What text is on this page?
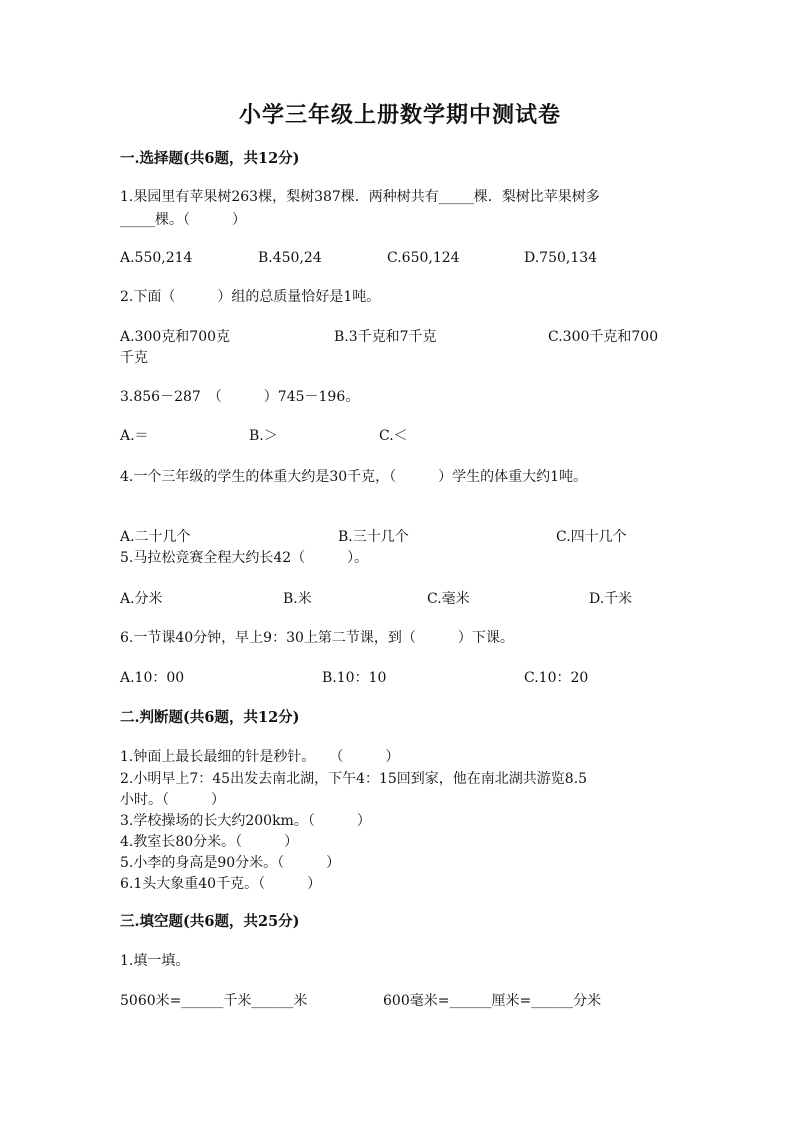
小学三年级上册数学期中测试卷
一.选择题(共6题，共12分)
1.果园里有苹果树263棵，梨树387棵．两种树共有_____棵．梨树比苹果树多
_____棵。（　　　）
A.550,214	B.450,24	C.650,124	D.750,134
2.下面（　　　）组的总质量恰好是1吨。
A.300克和700克	B.3千克和7千克	C.300千克和700
千克
3.856－287　（　　　）745－196。
A.＝	B.＞	C.＜
4.一个三年级的学生的体重大约是30千克，（　　　）学生的体重大约1吨。
A.二十几个	B.三十几个	C.四十几个
5.马拉松竞赛全程大约长42（　　　）。
A.分米	B.米	C.毫米	D.千米
6.一节课40分钟，早上9：30上第二节课，到（　　　）下课。
A.10：00	B.10：10	C.10：20
二.判断题(共6题，共12分)
1.钟面上最长最细的针是秒针。　　（　　　）
2.小明早上7：45出发去南北湖，下午4：15回到家，他在南北湖共游览8.5
小时。（　　　）
3.学校操场的长大约200km。（　　　）
4.教室长80分米。（　　　）
5.小李的身高是90分米。（　　　）
6.1头大象重40千克。（　　　）
三.填空题(共6题，共25分)
1.填一填。
5060米=______千米______米	600毫米=______厘米=______分米
